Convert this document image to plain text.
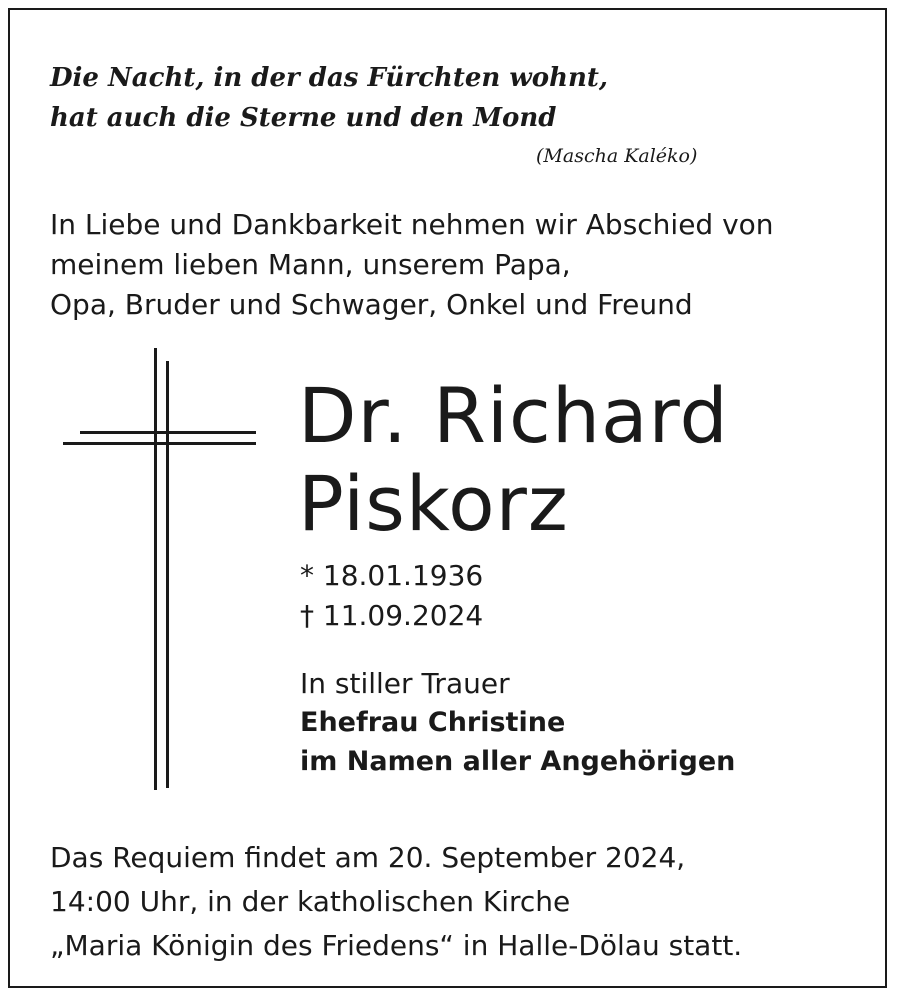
Die Nacht, in der das Fürchten wohnt,
hat auch die Sterne und den Mond
(Mascha Kaléko)
In Liebe und Dankbarkeit nehmen wir Abschied von
meinem lieben Mann, unserem Papa,
Opa, Bruder und Schwager, Onkel und Freund
Dr. Richard
Piskorz
* 18.01.1936
† 11.09.2024
In stiller Trauer
Ehefrau Christine
im Namen aller Angehörigen
Das Requiem findet am 20. September 2024,
14:00 Uhr, in der katholischen Kirche
„Maria Königin des Friedens“ in Halle-Dölau statt.
